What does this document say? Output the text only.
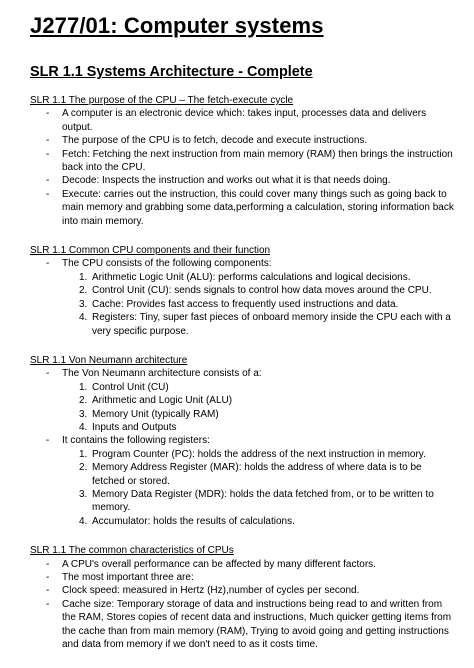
J277/01: Computer systems
SLR 1.1 Systems Architecture - Complete
SLR 1.1 The purpose of the CPU – The fetch-execute cycle
- A computer is an electronic device which: takes input, processes data and delivers output.
- The purpose of the CPU is to fetch, decode and execute instructions.
- Fetch: Fetching the next instruction from main memory (RAM) then brings the instruction back into the CPU.
- Decode: Inspects the instruction and works out what it is that needs doing.
- Execute: carries out the instruction, this could cover many things such as going back to main memory and grabbing some data,performing a calculation, storing information back into main memory.
SLR 1.1 Common CPU components and their function
- The CPU consists of the following components:
1. Arithmetic Logic Unit (ALU): performs calculations and logical decisions.
2. Control Unit (CU): sends signals to control how data moves around the CPU.
3. Cache: Provides fast access to frequently used instructions and data.
4. Registers: Tiny, super fast pieces of onboard memory inside the CPU each with a very specific purpose.
SLR 1.1 Von Neumann architecture
- The Von Neumann architecture consists of a:
1. Control Unit (CU)
2. Arithmetic and Logic Unit (ALU)
3. Memory Unit (typically RAM)
4. Inputs and Outputs
- It contains the following registers:
1. Program Counter (PC): holds the address of the next instruction in memory.
2. Memory Address Register (MAR): holds the address of where data is to be fetched or stored.
3. Memory Data Register (MDR): holds the data fetched from, or to be written to memory.
4. Accumulator: holds the results of calculations.
SLR 1.1 The common characteristics of CPUs
- A CPU's overall performance can be affected by many different factors.
- The most important three are:
- Clock speed: measured in Hertz (Hz),number of cycles per second.
- Cache size: Temporary storage of data and instructions being read to and written from the RAM, Stores copies of recent data and instructions, Much quicker getting items from the cache than from main memory (RAM), Trying to avoid going and getting instructions and data from memory if we don't need to as it costs time.
